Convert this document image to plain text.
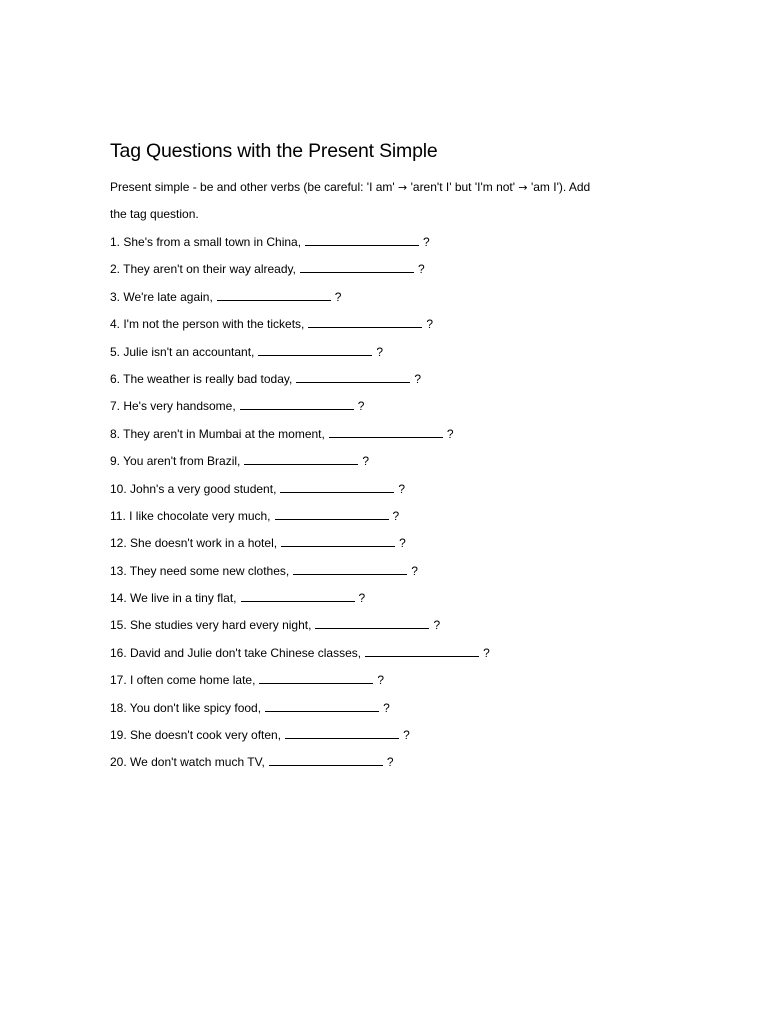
Tag Questions with the Present Simple
Present simple - be and other verbs (be careful: 'I am' → 'aren't I' but 'I'm not' → 'am I'). Add
the tag question.
1. She's from a small town in China,	?
2. They aren't on their way already,	?
3. We're late again,	?
4. I'm not the person with the tickets,	?
5. Julie isn't an accountant,	?
6. The weather is really bad today,	?
7. He's very handsome,	?
8. They aren't in Mumbai at the moment,	?
9. You aren't from Brazil,	?
10. John's a very good student,	?
11. I like chocolate very much,	?
12. She doesn't work in a hotel,	?
13. They need some new clothes,	?
14. We live in a tiny flat,	?
15. She studies very hard every night,	?
16. David and Julie don't take Chinese classes,	?
17. I often come home late,	?
18. You don't like spicy food,	?
19. She doesn't cook very often,	?
20. We don't watch much TV,	?
